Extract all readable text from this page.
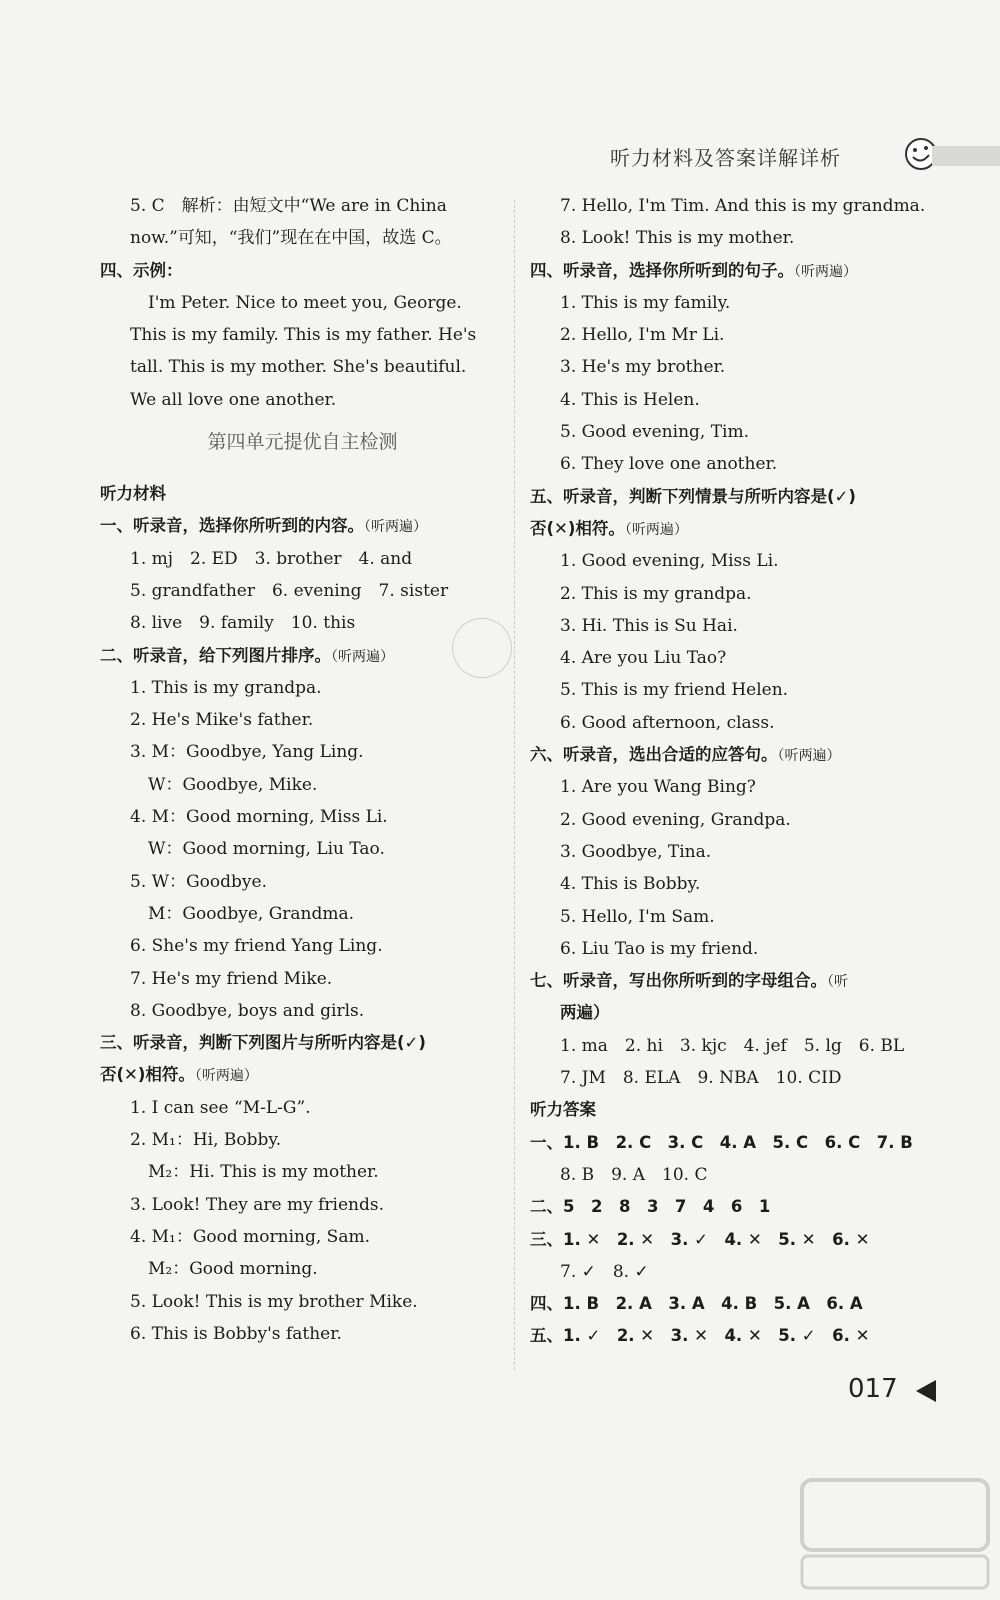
听力材料及答案详解详析
5. C　解析：由短文中“We are in China
now.”可知，“我们”现在在中国，故选 C。
四、示例：
I'm Peter. Nice to meet you, George.
This is my family. This is my father. He's
tall. This is my mother. She's beautiful.
We all love one another.
第四单元提优自主检测
听力材料
一、听录音，选择你所听到的内容。（听两遍）
1. mj　2. ED　3. brother　4. and
5. grandfather　6. evening　7. sister
8. live　9. family　10. this
二、听录音，给下列图片排序。（听两遍）
1. This is my grandpa.
2. He's Mike's father.
3. M：Goodbye, Yang Ling.
W：Goodbye, Mike.
4. M：Good morning, Miss Li.
W：Good morning, Liu Tao.
5. W：Goodbye.
M：Goodbye, Grandma.
6. She's my friend Yang Ling.
7. He's my friend Mike.
8. Goodbye, boys and girls.
三、听录音，判断下列图片与所听内容是(✓)
否(✕)相符。（听两遍）
1. I can see “M-L-G”.
2. M₁：Hi, Bobby.
M₂：Hi. This is my mother.
3. Look! They are my friends.
4. M₁：Good morning, Sam.
M₂：Good morning.
5. Look! This is my brother Mike.
6. This is Bobby's father.
7. Hello, I'm Tim. And this is my grandma.
8. Look! This is my mother.
四、听录音，选择你所听到的句子。（听两遍）
1. This is my family.
2. Hello, I'm Mr Li.
3. He's my brother.
4. This is Helen.
5. Good evening, Tim.
6. They love one another.
五、听录音，判断下列情景与所听内容是(✓)
否(✕)相符。（听两遍）
1. Good evening, Miss Li.
2. This is my grandpa.
3. Hi. This is Su Hai.
4. Are you Liu Tao?
5. This is my friend Helen.
6. Good afternoon, class.
六、听录音，选出合适的应答句。（听两遍）
1. Are you Wang Bing?
2. Good evening, Grandpa.
3. Goodbye, Tina.
4. This is Bobby.
5. Hello, I'm Sam.
6. Liu Tao is my friend.
七、听录音，写出你所听到的字母组合。（听
两遍）
1. ma　2. hi　3. kjc　4. jef　5. lg　6. BL
7. JM　8. ELA　9. NBA　10. CID
听力答案
一、1. B　2. C　3. C　4. A　5. C　6. C　7. B
8. B　9. A　10. C
二、5　2　8　3　7　4　6　1
三、1. ✕　2. ✕　3. ✓　4. ✕　5. ✕　6. ✕
7. ✓　8. ✓
四、1. B　2. A　3. A　4. B　5. A　6. A
五、1. ✓　2. ✕　3. ✕　4. ✕　5. ✓　6. ✕
017
